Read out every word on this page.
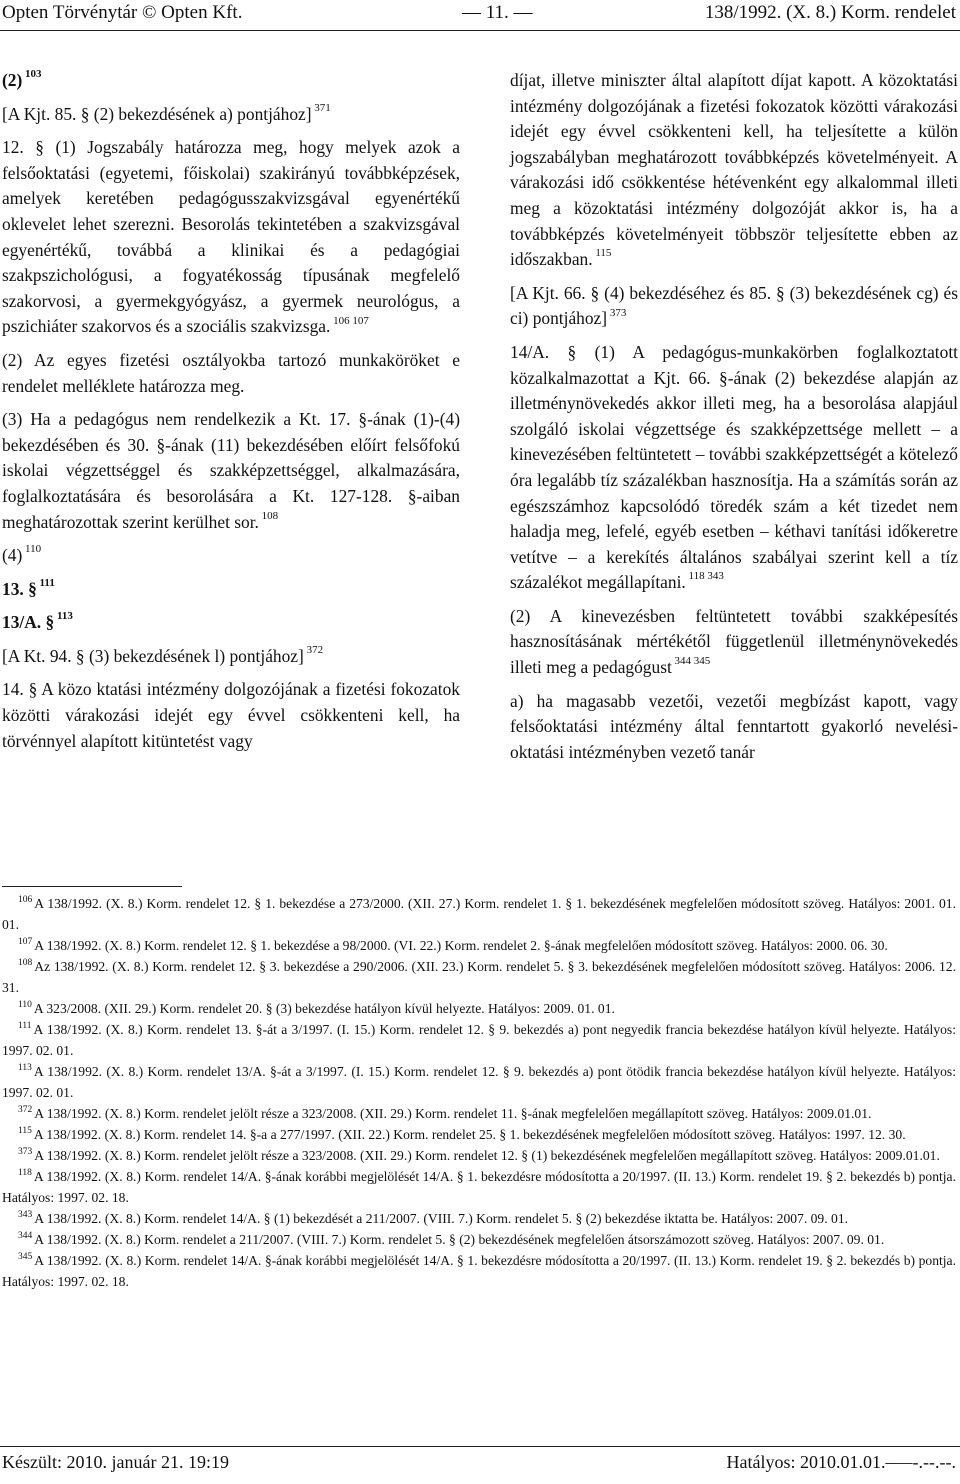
Opten Törvénytár © Opten Kft.	— 11. —	138/1992. (X. 8.) Korm. rendelet

(2) $^{103}$

[A Kjt. 85. § (2) bekezdésének a) pontjához] $^{371}$

12. § (1) Jogszabály határozza meg, hogy melyek azok a felsőoktatási (egyetemi, főiskolai) szakirányú továbbképzések, amelyek keretében pedagógusszakvizsgával egyenértékű oklevelet lehet szerezni. Besorolás tekintetében a szakvizsgával egyenértékű, továbbá a klinikai és a pedagógiai szakpszichológusi, a fogyatékosság típusának megfelelő szakorvosi, a gyermekgyógyász, a gyermek neurológus, a pszichiáter szakorvos és a szociális szakvizsga. $^{106 107}$

(2) Az egyes fizetési osztályokba tartozó munkaköröket e rendelet melléklete határozza meg.

(3) Ha a pedagógus nem rendelkezik a Kt. 17. §-ának (1)-(4) bekezdésében és 30. §-ának (11) bekezdésében előírt felsőfokú iskolai végzettséggel és szakképzettséggel, alkalmazására, foglalkoztatására és besorolására a Kt. 127-128. §-aiban meghatározottak szerint kerülhet sor. $^{108}$

(4) $^{110}$

13. § $^{111}$

13/A. § $^{113}$

[A Kt. 94. § (3) bekezdésének l) pontjához] $^{372}$

14. § A közo ktatási intézmény dolgozójának a fizetési fokozatok közötti várakozási idejét egy évvel csökkenteni kell, ha törvénnyel alapított kitüntetést vagy

díjat, illetve miniszter által alapított díjat kapott. A közoktatási intézmény dolgozójának a fizetési fokozatok közötti várakozási idejét egy évvel csökkenteni kell, ha teljesítette a külön jogszabályban meghatározott továbbképzés követelményeit. A várakozási idő csökkentése hétévenként egy alkalommal illeti meg a közoktatási intézmény dolgozóját akkor is, ha a továbbképzés követelményeit többször teljesítette ebben az időszakban. $^{115}$

[A Kjt. 66. § (4) bekezdéséhez és 85. § (3) bekezdésének cg) és ci) pontjához] $^{373}$

14/A. § (1) A pedagógus-munkakörben foglalkoztatott közalkalmazottat a Kjt. 66. §-ának (2) bekezdése alapján az illetménynövekedés akkor illeti meg, ha a besorolása alapjául szolgáló iskolai végzettsége és szakképzettsége mellett – a kinevezésében feltüntetett – további szakképzettségét a kötelező óra legalább tíz százalékban hasznosítja. Ha a számítás során az egészszámhoz kapcsolódó töredék szám a két tizedet nem haladja meg, lefelé, egyéb esetben – kéthavi tanítási időkeretre vetítve – a kerekítés általános szabályai szerint kell a tíz százalékot megállapítani. $^{118 343}$

(2) A kinevezésben feltüntetett további szakképesítés hasznosításának mértékétől függetlenül illetménynövekedés illeti meg a pedagógust $^{344 345}$

a) ha magasabb vezetői, vezetői megbízást kapott, vagy felsőoktatási intézmény által fenntartott gyakorló nevelési-oktatási intézményben vezető tanár

$^{106}$ A 138/1992. (X. 8.) Korm. rendelet 12. § 1. bekezdése a 273/2000. (XII. 27.) Korm. rendelet 1. § 1. bekezdésének megfelelően módosított szöveg. Hatályos: 2001. 01. 01.
$^{107}$ A 138/1992. (X. 8.) Korm. rendelet 12. § 1. bekezdése a 98/2000. (VI. 22.) Korm. rendelet 2. §-ának megfelelően módosított szöveg. Hatályos: 2000. 06. 30.
$^{108}$ Az 138/1992. (X. 8.) Korm. rendelet 12. § 3. bekezdése a 290/2006. (XII. 23.) Korm. rendelet 5. § 3. bekezdésének megfelelően módosított szöveg. Hatályos: 2006. 12. 31.
$^{110}$ A 323/2008. (XII. 29.) Korm. rendelet 20. § (3) bekezdése hatályon kívül helyezte. Hatályos: 2009. 01. 01.
$^{111}$ A 138/1992. (X. 8.) Korm. rendelet 13. §-át a 3/1997. (I. 15.) Korm. rendelet 12. § 9. bekezdés a) pont negyedik francia bekezdése hatályon kívül helyezte. Hatályos: 1997. 02. 01.
$^{113}$ A 138/1992. (X. 8.) Korm. rendelet 13/A. §-át a 3/1997. (I. 15.) Korm. rendelet 12. § 9. bekezdés a) pont ötödik francia bekezdése hatályon kívül helyezte. Hatályos: 1997. 02. 01.
$^{372}$ A 138/1992. (X. 8.) Korm. rendelet jelölt része a 323/2008. (XII. 29.) Korm. rendelet 11. §-ának megfelelően megállapított szöveg. Hatályos: 2009.01.01.
$^{115}$ A 138/1992. (X. 8.) Korm. rendelet 14. §-a a 277/1997. (XII. 22.) Korm. rendelet 25. § 1. bekezdésének megfelelően módosított szöveg. Hatályos: 1997. 12. 30.
$^{373}$ A 138/1992. (X. 8.) Korm. rendelet jelölt része a 323/2008. (XII. 29.) Korm. rendelet 12. § (1) bekezdésének megfelelően megállapított szöveg. Hatályos: 2009.01.01.
$^{118}$ A 138/1992. (X. 8.) Korm. rendelet 14/A. §-ának korábbi megjelölését 14/A. § 1. bekezdésre módosította a 20/1997. (II. 13.) Korm. rendelet 19. § 2. bekezdés b) pontja. Hatályos: 1997. 02. 18.
$^{343}$ A 138/1992. (X. 8.) Korm. rendelet 14/A. § (1) bekezdését a 211/2007. (VIII. 7.) Korm. rendelet 5. § (2) bekezdése iktatta be. Hatályos: 2007. 09. 01.
$^{344}$ A 138/1992. (X. 8.) Korm. rendelet a 211/2007. (VIII. 7.) Korm. rendelet 5. § (2) bekezdésének megfelelően átsorszámozott szöveg. Hatályos: 2007. 09. 01.
$^{345}$ A 138/1992. (X. 8.) Korm. rendelet 14/A. §-ának korábbi megjelölését 14/A. § 1. bekezdésre módosította a 20/1997. (II. 13.) Korm. rendelet 19. § 2. bekezdés b) pontja. Hatályos: 1997. 02. 18.
Készült: 2010. január 21. 19:19	Hatályos: 2010.01.01.–—-.--.--.
